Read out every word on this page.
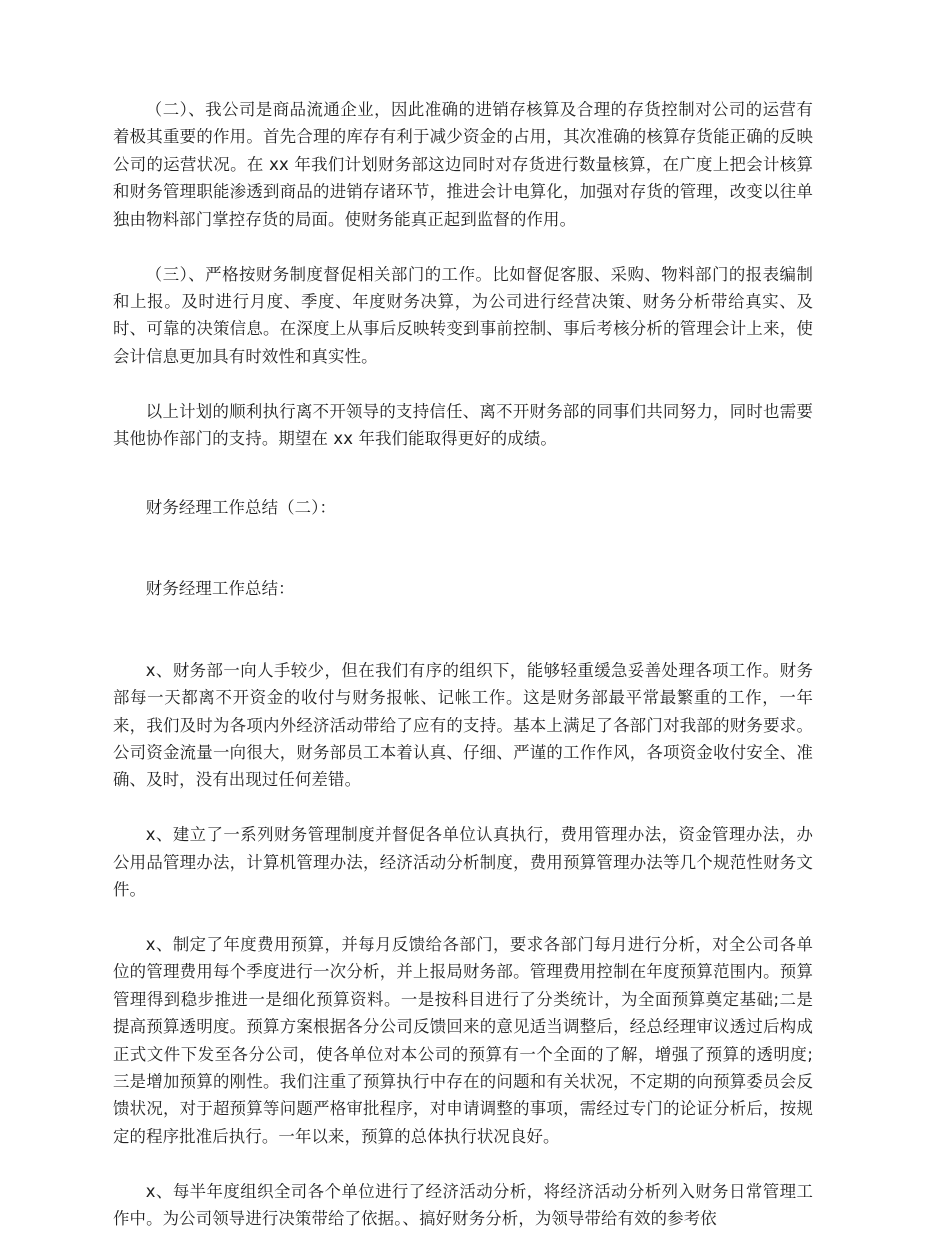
（二）、我公司是商品流通企业，因此准确的进销存核算及合理的存货控制对公司的运营有着极其重要的作用。首先合理的库存有利于减少资金的占用，其次准确的核算存货能正确的反映公司的运营状况。在 xx 年我们计划财务部这边同时对存货进行数量核算，在广度上把会计核算和财务管理职能渗透到商品的进销存诸环节，推进会计电算化，加强对存货的管理，改变以往单独由物料部门掌控存货的局面。使财务能真正起到监督的作用。

（三）、严格按财务制度督促相关部门的工作。比如督促客服、采购、物料部门的报表编制和上报。及时进行月度、季度、年度财务决算，为公司进行经营决策、财务分析带给真实、及时、可靠的决策信息。在深度上从事后反映转变到事前控制、事后考核分析的管理会计上来，使会计信息更加具有时效性和真实性。

以上计划的顺利执行离不开领导的支持信任、离不开财务部的同事们共同努力，同时也需要其他协作部门的支持。期望在 xx 年我们能取得更好的成绩。

财务经理工作总结（二）：

财务经理工作总结：

x、财务部一向人手较少，但在我们有序的组织下，能够轻重缓急妥善处理各项工作。财务部每一天都离不开资金的收付与财务报帐、记帐工作。这是财务部最平常最繁重的工作，一年来，我们及时为各项内外经济活动带给了应有的支持。基本上满足了各部门对我部的财务要求。公司资金流量一向很大，财务部员工本着认真、仔细、严谨的工作作风，各项资金收付安全、准确、及时，没有出现过任何差错。

x、建立了一系列财务管理制度并督促各单位认真执行，费用管理办法，资金管理办法，办公用品管理办法，计算机管理办法，经济活动分析制度，费用预算管理办法等几个规范性财务文件。

x、制定了年度费用预算，并每月反馈给各部门，要求各部门每月进行分析，对全公司各单位的管理费用每个季度进行一次分析，并上报局财务部。管理费用控制在年度预算范围内。预算管理得到稳步推进一是细化预算资料。一是按科目进行了分类统计，为全面预算奠定基础;二是提高预算透明度。预算方案根据各分公司反馈回来的意见适当调整后，经总经理审议透过后构成正式文件下发至各分公司，使各单位对本公司的预算有一个全面的了解，增强了预算的透明度;三是增加预算的刚性。我们注重了预算执行中存在的问题和有关状况，不定期的向预算委员会反馈状况，对于超预算等问题严格审批程序，对申请调整的事项，需经过专门的论证分析后，按规定的程序批准后执行。一年以来，预算的总体执行状况良好。

x、每半年度组织全司各个单位进行了经济活动分析，将经济活动分析列入财务日常管理工作中。为公司领导进行决策带给了依据。、搞好财务分析，为领导带给有效的参考依
